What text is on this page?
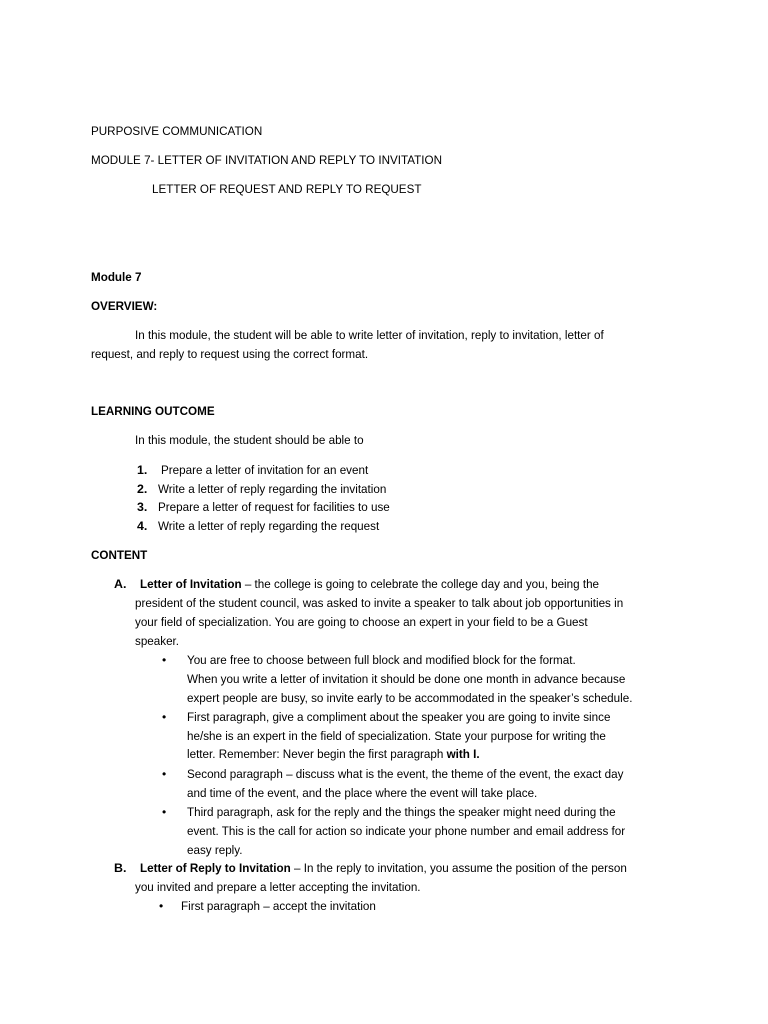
PURPOSIVE COMMUNICATION
MODULE 7- LETTER OF INVITATION AND REPLY TO INVITATION
LETTER OF REQUEST AND REPLY TO REQUEST
Module 7
OVERVIEW:
In this module, the student will be able to write letter of invitation, reply to invitation, letter of
request, and reply to request using the correct format.
LEARNING OUTCOME
In this module, the student should be able to
1. Prepare a letter of invitation for an event
2. Write a letter of reply regarding the invitation
3. Prepare a letter of request for facilities to use
4. Write a letter of reply regarding the request
CONTENT
A. Letter of Invitation – the college is going to celebrate the college day and you, being the
president of the student council, was asked to invite a speaker to talk about job opportunities in
your field of specialization. You are going to choose an expert in your field to be a Guest
speaker.
• You are free to choose between full block and modified block for the format.
When you write a letter of invitation it should be done one month in advance because
expert people are busy, so invite early to be accommodated in the speaker’s schedule.
• First paragraph, give a compliment about the speaker you are going to invite since
he/she is an expert in the field of specialization. State your purpose for writing the
letter. Remember: Never begin the first paragraph with I.
• Second paragraph – discuss what is the event, the theme of the event, the exact day
and time of the event, and the place where the event will take place.
• Third paragraph, ask for the reply and the things the speaker might need during the
event. This is the call for action so indicate your phone number and email address for
easy reply.
B. Letter of Reply to Invitation – In the reply to invitation, you assume the position of the person
you invited and prepare a letter accepting the invitation.
• First paragraph – accept the invitation
